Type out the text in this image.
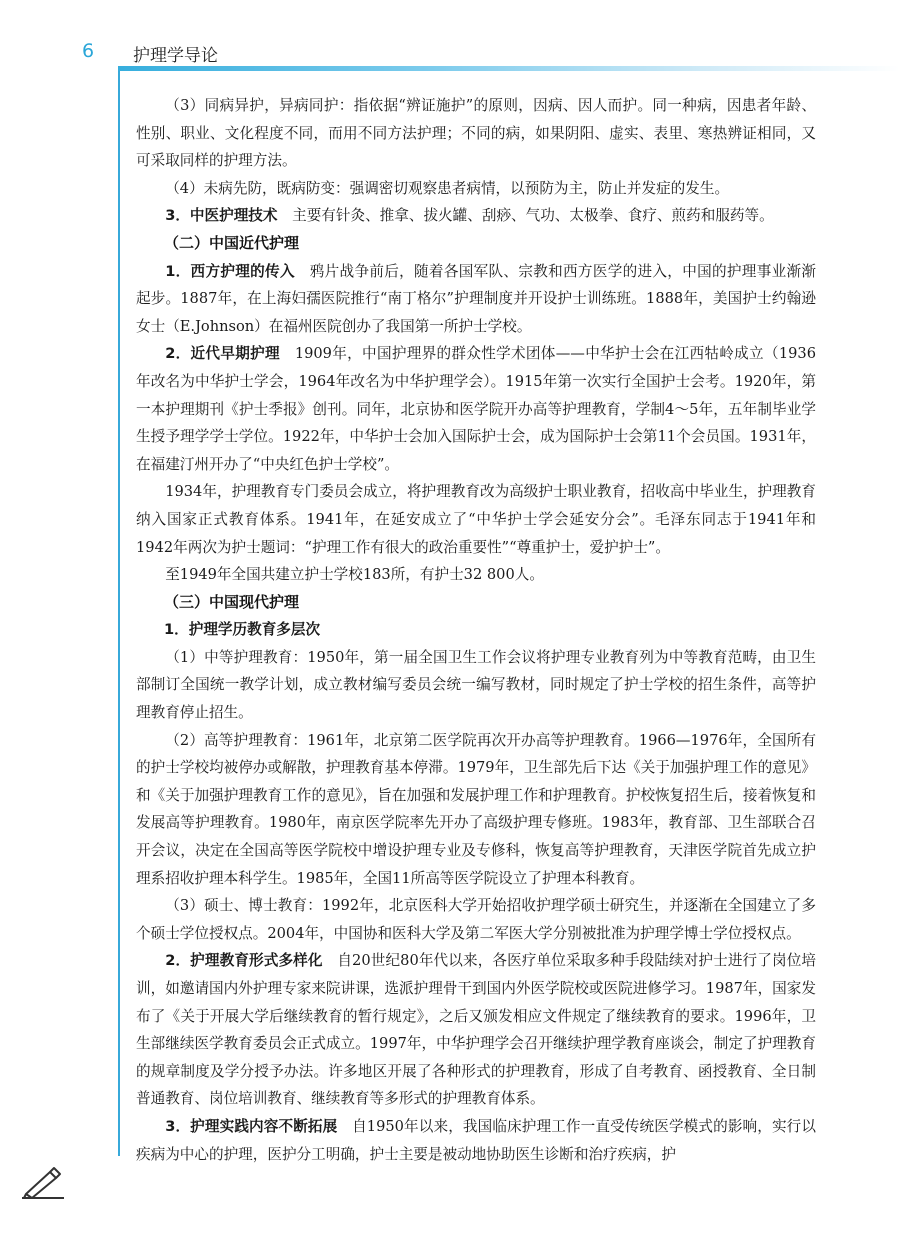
6 护理学导论

（3）同病异护，异病同护：指依据“辨证施护”的原则，因病、因人而护。同一种病，因患者年龄、性别、职业、文化程度不同，而用不同方法护理；不同的病，如果阴阳、虚实、表里、寒热辨证相同，又可采取同样的护理方法。

（4）未病先防，既病防变：强调密切观察患者病情，以预防为主，防止并发症的发生。

3．中医护理技术　主要有针灸、推拿、拔火罐、刮痧、气功、太极拳、食疗、煎药和服药等。

（二）中国近代护理

1．西方护理的传入　鸦片战争前后，随着各国军队、宗教和西方医学的进入，中国的护理事业渐渐起步。1887年，在上海妇孺医院推行“南丁格尔”护理制度并开设护士训练班。1888年，美国护士约翰逊女士（E.Johnson）在福州医院创办了我国第一所护士学校。

2．近代早期护理　1909年，中国护理界的群众性学术团体——中华护士会在江西牯岭成立（1936年改名为中华护士学会，1964年改名为中华护理学会）。1915年第一次实行全国护士会考。1920年，第一本护理期刊《护士季报》创刊。同年，北京协和医学院开办高等护理教育，学制4～5年，五年制毕业学生授予理学学士学位。1922年，中华护士会加入国际护士会，成为国际护士会第11个会员国。1931年，在福建汀州开办了“中央红色护士学校”。

1934年，护理教育专门委员会成立，将护理教育改为高级护士职业教育，招收高中毕业生，护理教育纳入国家正式教育体系。1941年，在延安成立了“中华护士学会延安分会”。毛泽东同志于1941年和1942年两次为护士题词：“护理工作有很大的政治重要性”“尊重护士，爱护护士”。

至1949年全国共建立护士学校183所，有护士32 800人。

（三）中国现代护理
1．护理学历教育多层次

（1）中等护理教育：1950年，第一届全国卫生工作会议将护理专业教育列为中等教育范畴，由卫生部制订全国统一教学计划，成立教材编写委员会统一编写教材，同时规定了护士学校的招生条件，高等护理教育停止招生。

（2）高等护理教育：1961年，北京第二医学院再次开办高等护理教育。1966—1976年，全国所有的护士学校均被停办或解散，护理教育基本停滞。1979年，卫生部先后下达《关于加强护理工作的意见》和《关于加强护理教育工作的意见》，旨在加强和发展护理工作和护理教育。护校恢复招生后，接着恢复和发展高等护理教育。1980年，南京医学院率先开办了高级护理专修班。1983年，教育部、卫生部联合召开会议，决定在全国高等医学院校中增设护理专业及专修科，恢复高等护理教育，天津医学院首先成立护理系招收护理本科学生。1985年，全国11所高等医学院设立了护理本科教育。

（3）硕士、博士教育：1992年，北京医科大学开始招收护理学硕士研究生，并逐渐在全国建立了多个硕士学位授权点。2004年，中国协和医科大学及第二军医大学分别被批准为护理学博士学位授权点。

2．护理教育形式多样化　自20世纪80年代以来，各医疗单位采取多种手段陆续对护士进行了岗位培训，如邀请国内外护理专家来院讲课，选派护理骨干到国内外医学院校或医院进修学习。1987年，国家发布了《关于开展大学后继续教育的暂行规定》，之后又颁发相应文件规定了继续教育的要求。1996年，卫生部继续医学教育委员会正式成立。1997年，中华护理学会召开继续护理学教育座谈会，制定了护理教育的规章制度及学分授予办法。许多地区开展了各种形式的护理教育，形成了自考教育、函授教育、全日制普通教育、岗位培训教育、继续教育等多形式的护理教育体系。

3．护理实践内容不断拓展　自1950年以来，我国临床护理工作一直受传统医学模式的影响，实行以疾病为中心的护理，医护分工明确，护士主要是被动地协助医生诊断和治疗疾病，护
